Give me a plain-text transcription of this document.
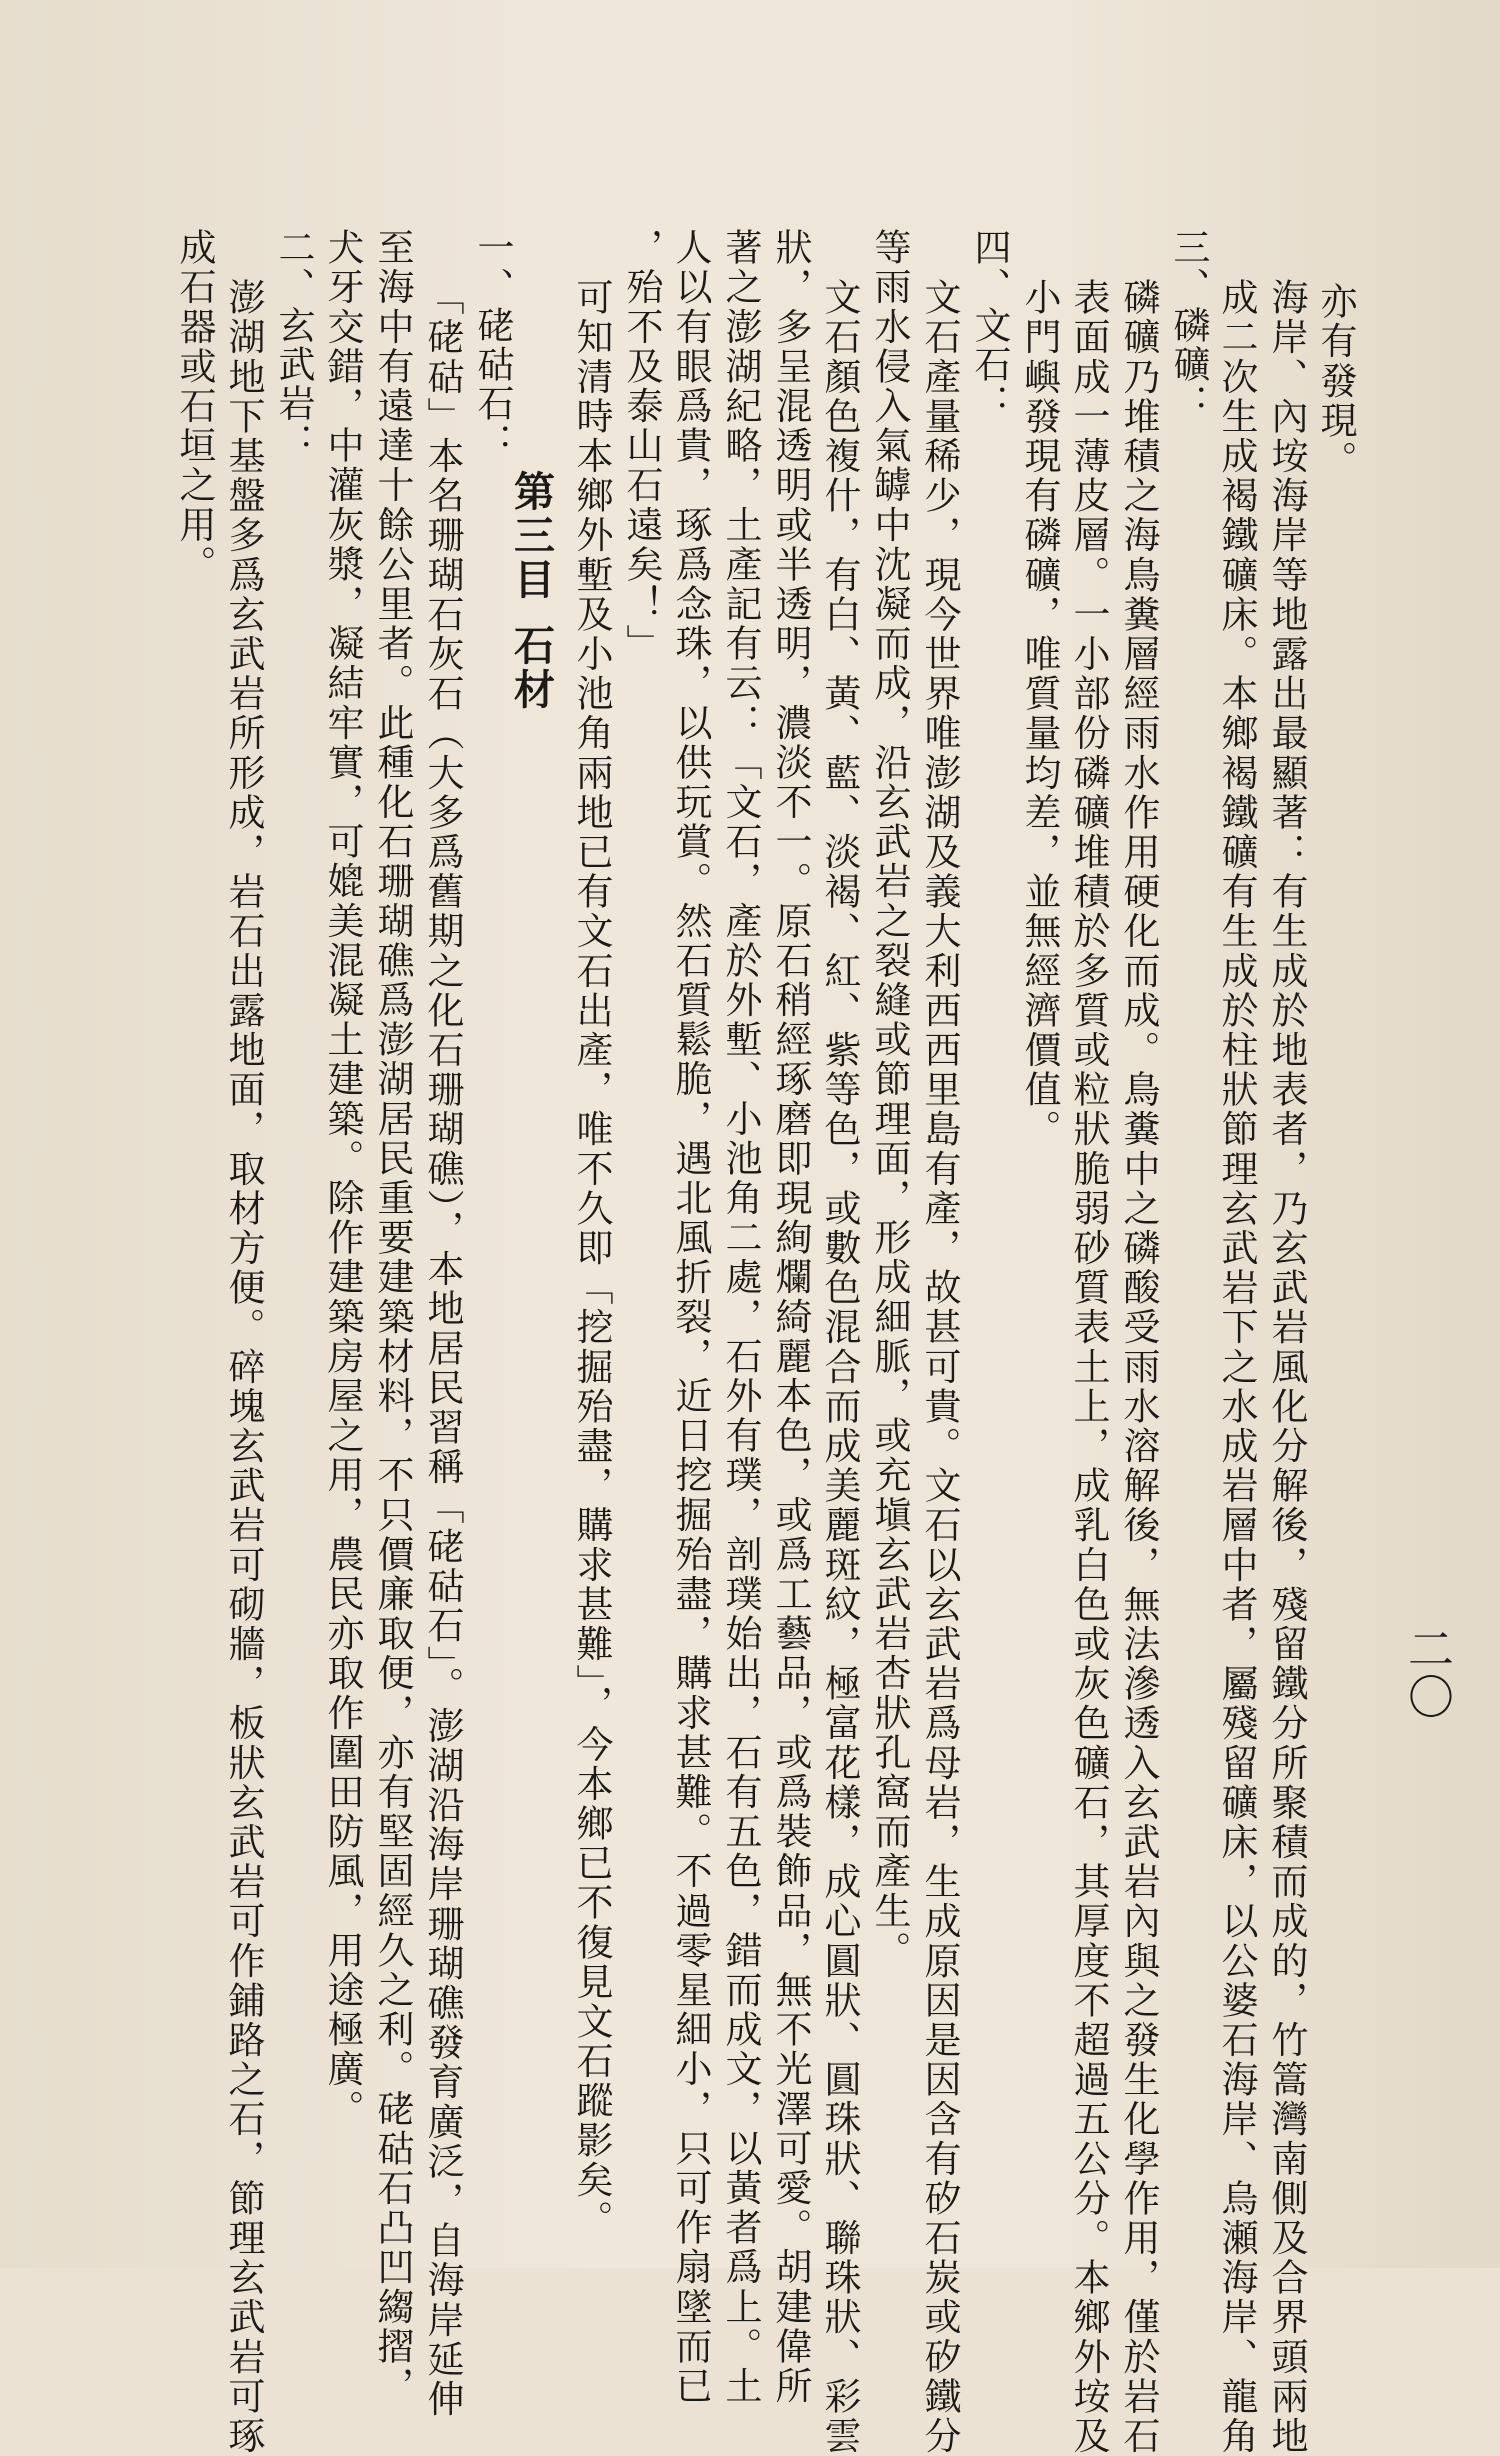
二〇
亦有發現。
海岸、內垵海岸等地露出最顯著：有生成於地表者，乃玄武岩風化分解後，殘留鐵分所聚積而成的，竹篙灣南側及合界頭兩地
成二次生成褐鐵礦床。本鄉褐鐵礦有生成於柱狀節理玄武岩下之水成岩層中者，屬殘留礦床，以公婆石海岸、烏瀬海岸、龍角
三、磷礦：
磷礦乃堆積之海鳥糞層經雨水作用硬化而成。鳥糞中之磷酸受雨水溶解後，無法滲透入玄武岩內與之發生化學作用，僅於岩石
表面成一薄皮層。一小部份磷礦堆積於多質或粒狀脆弱砂質表土上，成乳白色或灰色礦石，其厚度不超過五公分。本鄉外垵及
小門嶼發現有磷礦，唯質量均差，並無經濟價值。
四、文石：
文石產量稀少，現今世界唯澎湖及義大利西西里島有產，故甚可貴。文石以玄武岩爲母岩，生成原因是因含有矽石炭或矽鐵分
等雨水侵入氣罅中沈凝而成，沿玄武岩之裂縫或節理面，形成細脈，或充塡玄武岩杏狀孔窩而產生。
文石顏色複什，有白、黃、藍、淡褐、紅、紫等色，或數色混合而成美麗斑紋，極富花樣，成心圓狀、圓珠狀、聯珠狀、彩雲
狀，多呈混透明或半透明，濃淡不一。原石稍經琢磨即現絢爛綺麗本色，或爲工藝品，或爲裝飾品，無不光澤可愛。胡建偉所
著之澎湖紀略，土產記有云：「文石，產於外塹、小池角二處，石外有璞，剖璞始出，石有五色，錯而成文，以黃者爲上。土
人以有眼爲貴，琢爲念珠，以供玩賞。然石質鬆脆，遇北風折裂，近日挖掘殆盡，購求甚難。不過零星細小，只可作扇墜而已
，殆不及泰山石遠矣！」
可知清時本鄉外塹及小池角兩地已有文石出產，唯不久即「挖掘殆盡，購求甚難」，今本鄉已不復見文石蹤影矣。
第三目石材
一、硓𥑮石：
「硓𥑮」本名珊瑚石灰石（大多爲舊期之化石珊瑚礁），本地居民習稱「硓𥑮石」。澎湖沿海岸珊瑚礁發育廣泛，自海岸延伸
至海中有遠達十餘公里者。此種化石珊瑚礁爲澎湖居民重要建築材料，不只價廉取便，亦有堅固經久之利。硓𥑮石凸凹縐摺，
犬牙交錯，中灌灰漿，凝結牢實，可媲美混凝土建築。除作建築房屋之用，農民亦取作圍田防風，用途極廣。
二、玄武岩：
澎湖地下基盤多爲玄武岩所形成，岩石出露地面，取材方便。碎塊玄武岩可砌牆，板狀玄武岩可作鋪路之石，節理玄武岩可琢
成石器或石垣之用。
